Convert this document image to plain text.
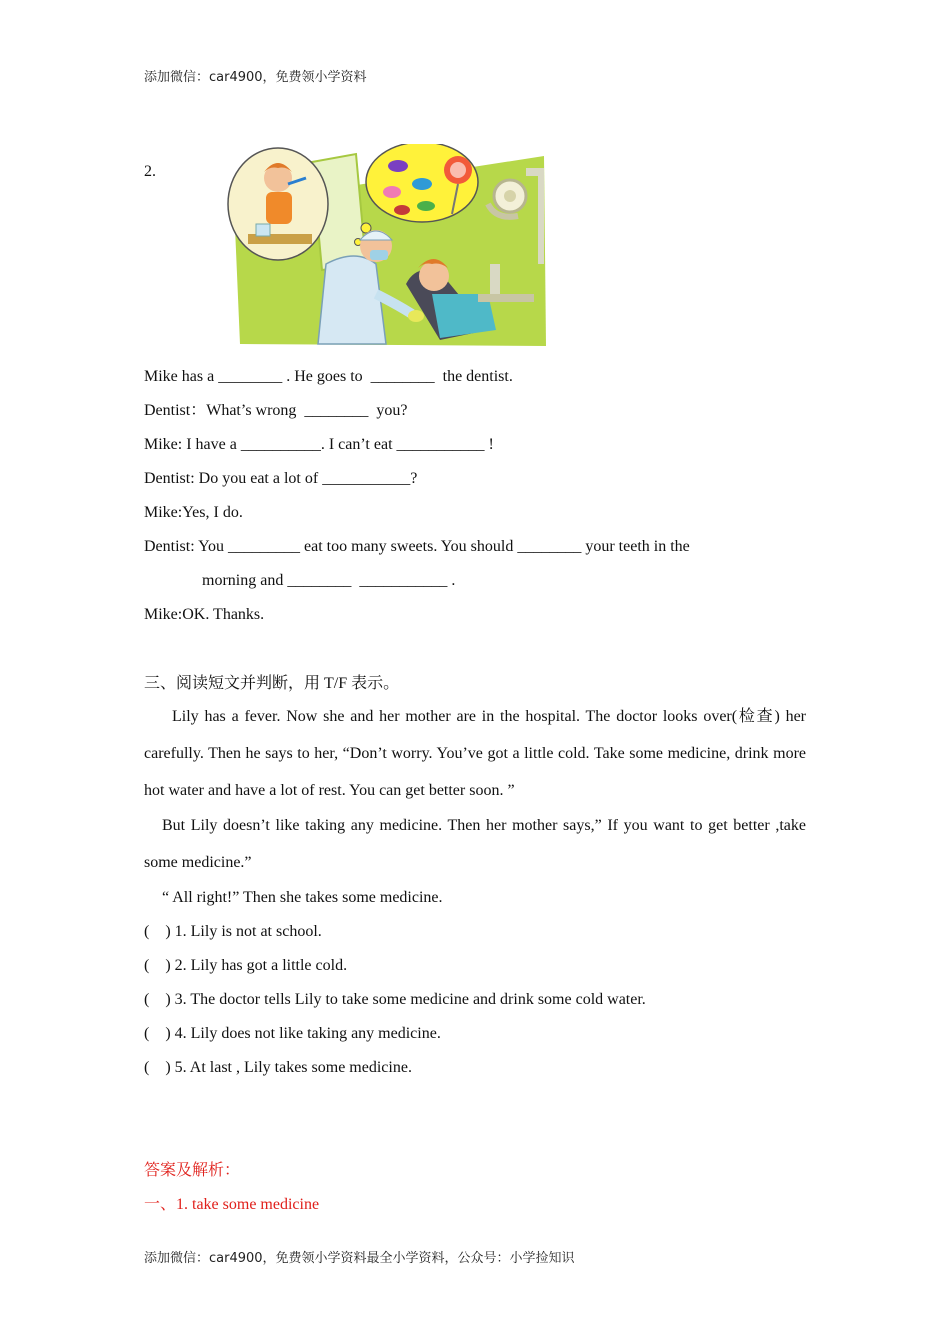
添加微信：car4900，免费领小学资料
2.
Mike has a ________ . He goes to  ________  the dentist.
Dentist：What’s wrong  ________  you?
Mike: I have a __________. I can’t eat ___________ !
Dentist: Do you eat a lot of ___________?
Mike:Yes, I do.
Dentist: You _________ eat too many sweets. You should ________ your teeth in the
morning and ________  ___________ .
Mike:OK. Thanks.
三、阅读短文并判断，用 T/F 表示。
Lily has a fever. Now she and her mother are in the hospital. The doctor looks over(检查) her carefully. Then he says to her, “Don’t worry. You’ve got a little cold. Take some medicine, drink more hot water and have a lot of rest. You can get better soon. ”
But Lily doesn’t like taking any medicine. Then her mother says,” If you want to get better ,take some medicine.”
“ All right!” Then she takes some medicine.
(    ) 1. Lily is not at school.
(    ) 2. Lily has got a little cold.
(    ) 3. The doctor tells Lily to take some medicine and drink some cold water.
(    ) 4. Lily does not like taking any medicine.
(    ) 5. At last , Lily takes some medicine.
答案及解析：
一、1. take some medicine
添加微信：car4900，免费领小学资料最全小学资料，公众号：小学捡知识
